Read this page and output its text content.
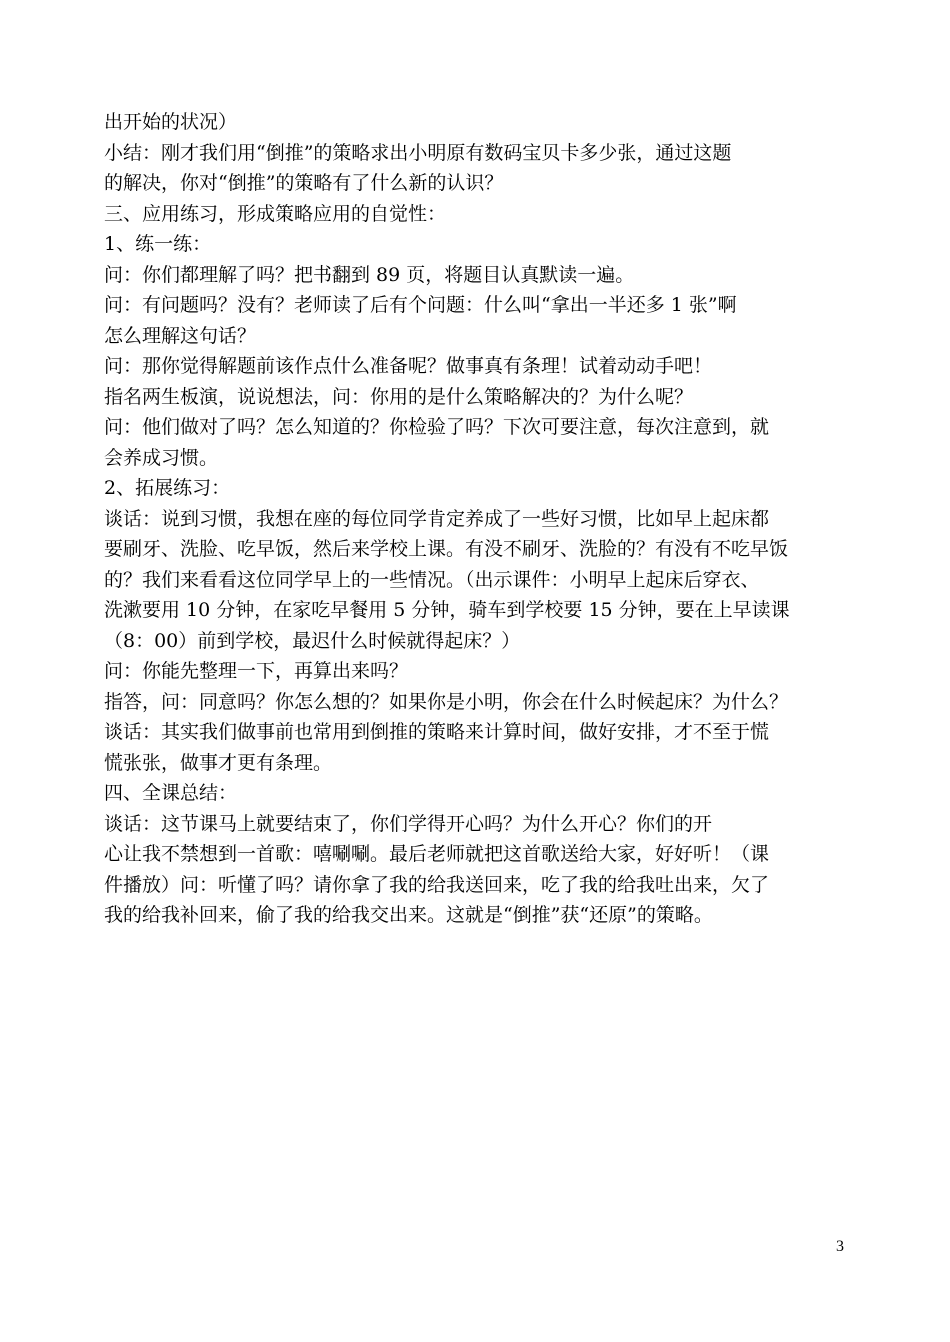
出开始的状况）
小结：刚才我们用“倒推”的策略求出小明原有数码宝贝卡多少张，通过这题
的解决，你对“倒推”的策略有了什么新的认识？
三、应用练习，形成策略应用的自觉性：
1、练一练：
问：你们都理解了吗？把书翻到 89 页，将题目认真默读一遍。
问：有问题吗？没有？老师读了后有个问题：什么叫“拿出一半还多 1 张”啊
怎么理解这句话？
问：那你觉得解题前该作点什么准备呢？做事真有条理！试着动动手吧！
指名两生板演，说说想法，问：你用的是什么策略解决的？为什么呢？
问：他们做对了吗？怎么知道的？你检验了吗？下次可要注意，每次注意到，就
会养成习惯。
2、拓展练习：
谈话：说到习惯，我想在座的每位同学肯定养成了一些好习惯，比如早上起床都
要刷牙、洗脸、吃早饭，然后来学校上课。有没不刷牙、洗脸的？有没有不吃早饭
的？我们来看看这位同学早上的一些情况。（出示课件：小明早上起床后穿衣、
洗漱要用 10 分钟，在家吃早餐用 5 分钟，骑车到学校要 15 分钟，要在上早读课
（8：00）前到学校，最迟什么时候就得起床？）
问：你能先整理一下，再算出来吗？
指答，问：同意吗？你怎么想的？如果你是小明，你会在什么时候起床？为什么？
谈话：其实我们做事前也常用到倒推的策略来计算时间，做好安排，才不至于慌
慌张张，做事才更有条理。
四、全课总结：
谈话：这节课马上就要结束了，你们学得开心吗？为什么开心？你们的开
心让我不禁想到一首歌：嘻唰唰。最后老师就把这首歌送给大家，好好听！（课
件播放）问：听懂了吗？请你拿了我的给我送回来，吃了我的给我吐出来，欠了
我的给我补回来，偷了我的给我交出来。这就是“倒推”获“还原”的策略。
3
